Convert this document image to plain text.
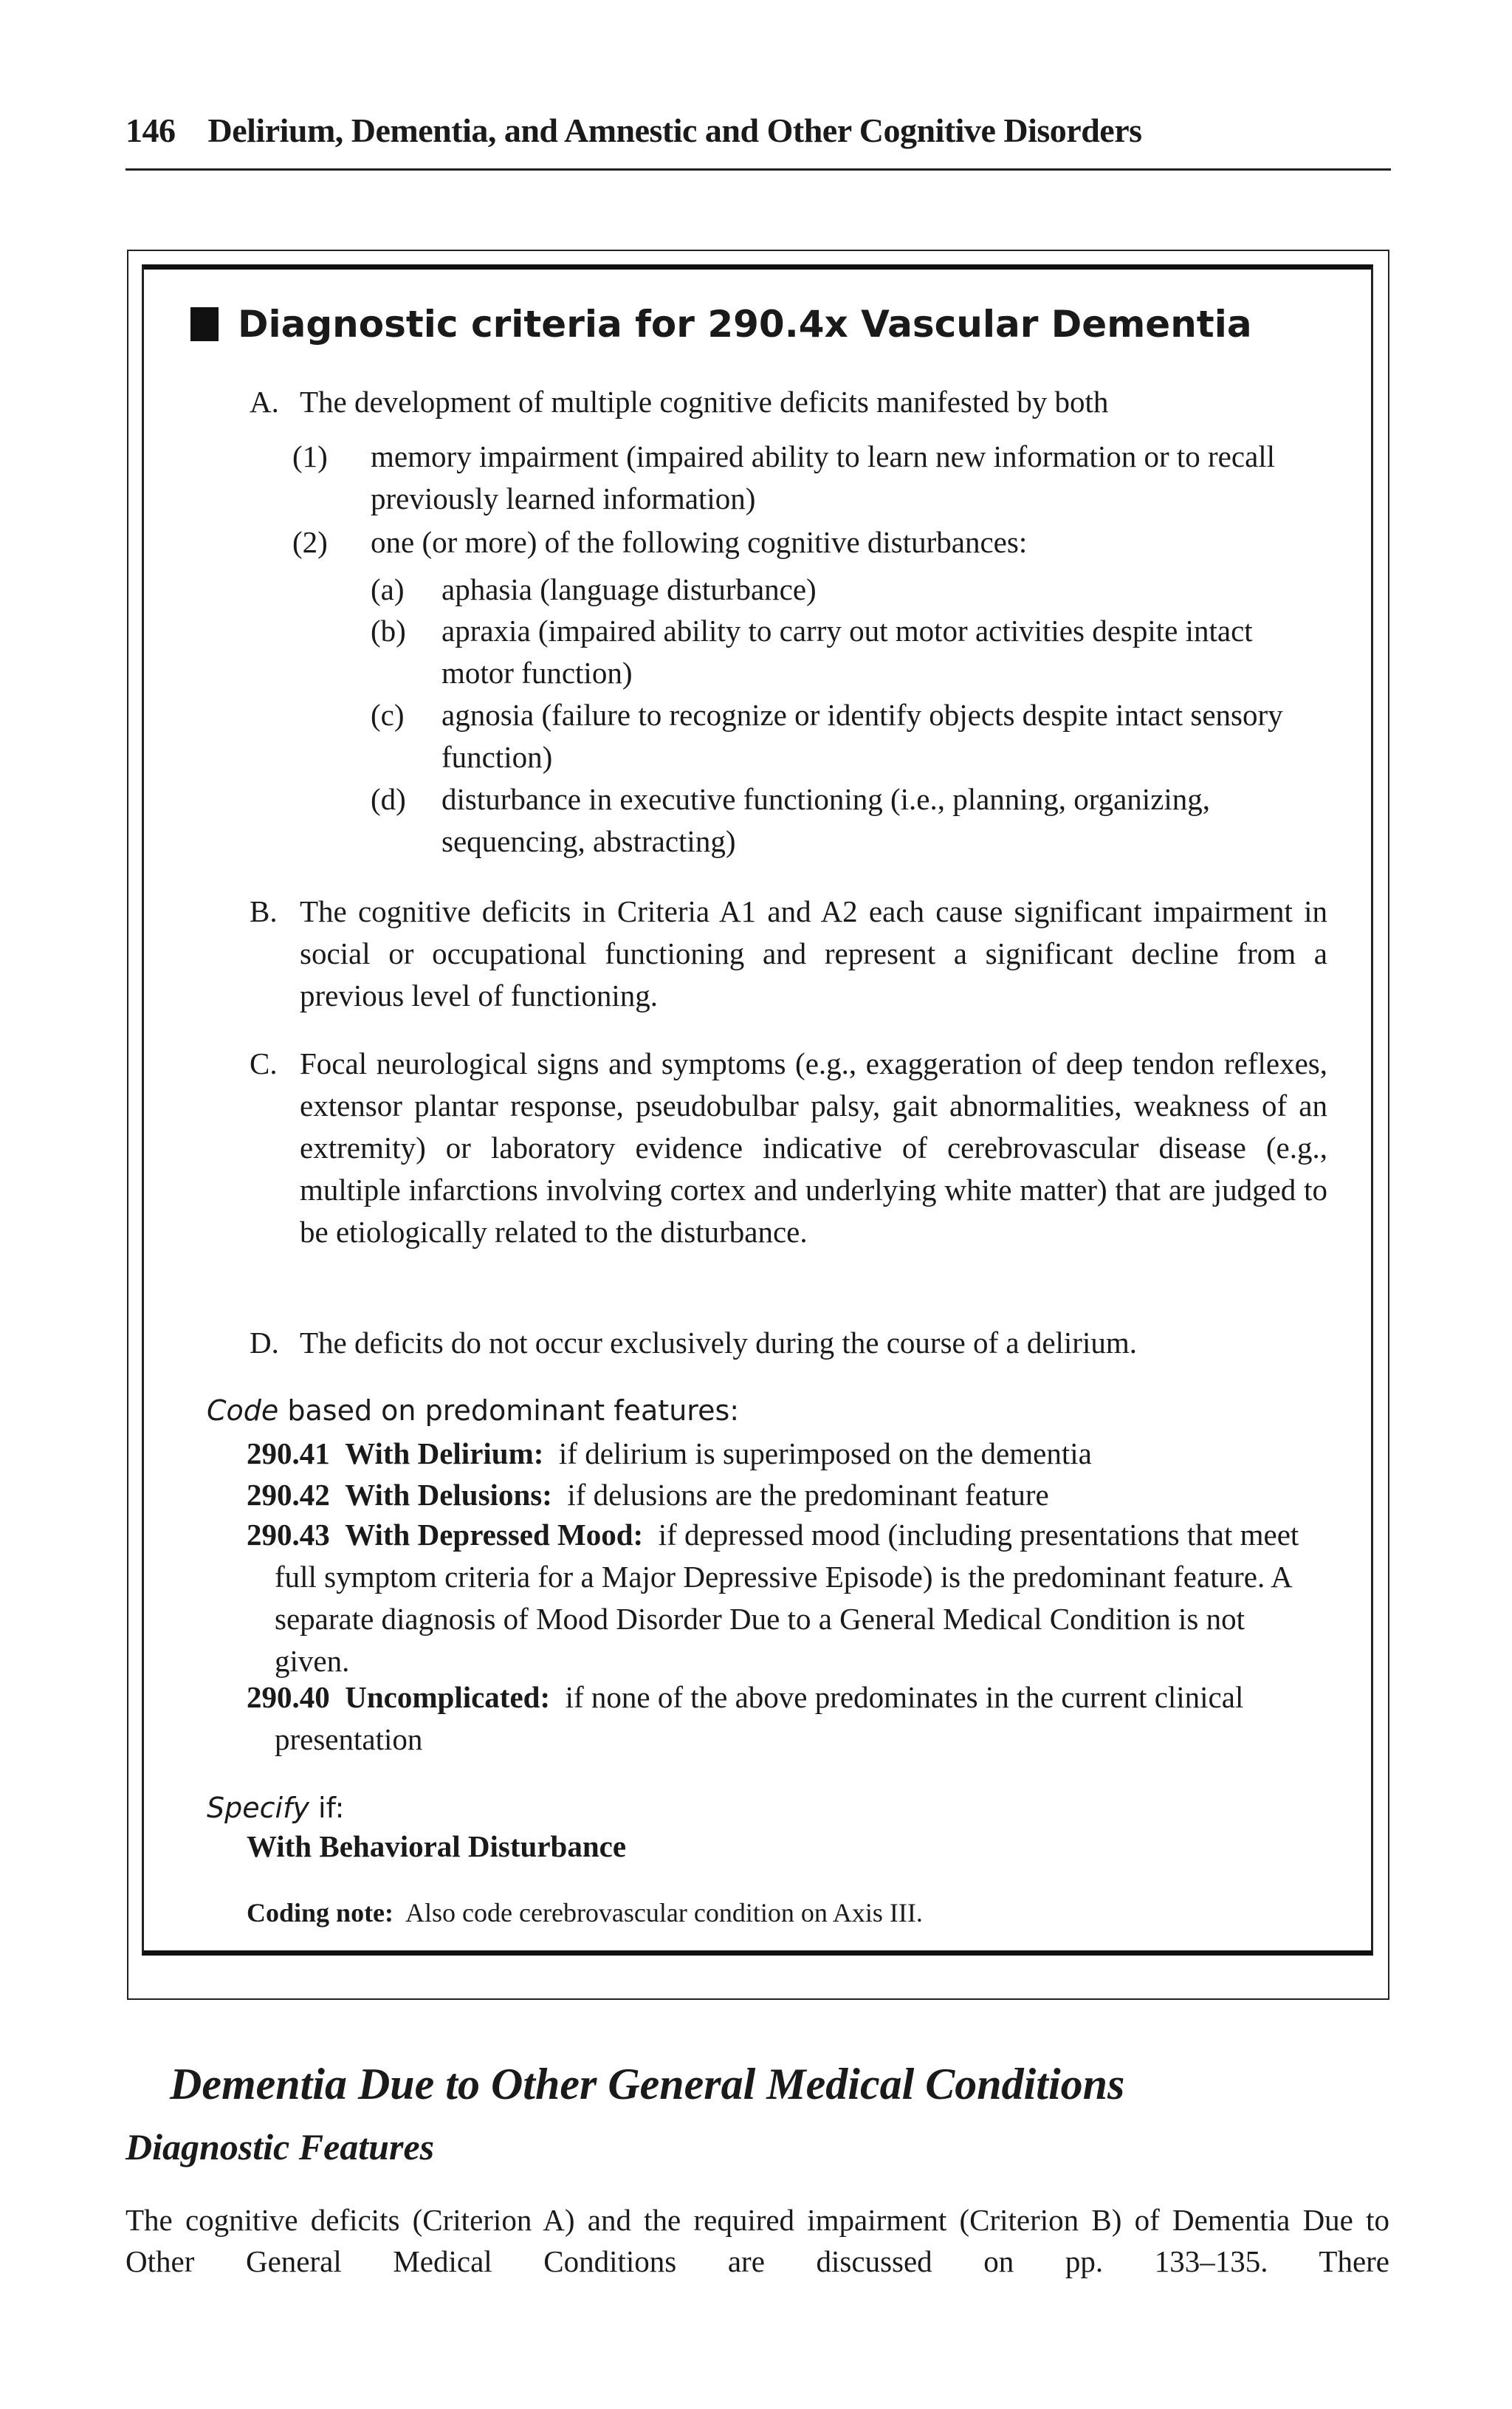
146 Delirium, Dementia, and Amnestic and Other Cognitive Disorders
Diagnostic criteria for 290.4x Vascular Dementia
A. The development of multiple cognitive deficits manifested by both
(1)	memory impairment (impaired ability to learn new information or to recall previously learned information)
(2)	one (or more) of the following cognitive disturbances:
(a)	aphasia (language disturbance)
(b)	apraxia (impaired ability to carry out motor activities despite intact motor function)
(c)	agnosia (failure to recognize or identify objects despite intact sensory function)
(d)	disturbance in executive functioning (i.e., planning, organizing, sequencing, abstracting)
B. The cognitive deficits in Criteria A1 and A2 each cause significant impairment in social or occupational functioning and represent a significant decline from a previous level of functioning.
C. Focal neurological signs and symptoms (e.g., exaggeration of deep tendon reflexes, extensor plantar response, pseudobulbar palsy, gait abnormalities, weakness of an extremity) or laboratory evidence indicative of cerebrovascular disease (e.g., multiple infarctions involving cortex and underlying white matter) that are judged to be etiologically related to the disturbance.
D. The deficits do not occur exclusively during the course of a delirium.
Code based on predominant features:
290.41 With Delirium: if delirium is superimposed on the dementia
290.42 With Delusions: if delusions are the predominant feature
290.43 With Depressed Mood: if depressed mood (including presentations that meet full symptom criteria for a Major Depressive Episode) is the predominant feature. A separate diagnosis of Mood Disorder Due to a General Medical Condition is not given.
290.40 Uncomplicated: if none of the above predominates in the current clinical presentation
Specify if:
With Behavioral Disturbance
Coding note: Also code cerebrovascular condition on Axis III.
Dementia Due to Other General Medical Conditions
Diagnostic Features
The cognitive deficits (Criterion A) and the required impairment (Criterion B) of Dementia Due to Other General Medical Conditions are discussed on pp. 133–135. There
